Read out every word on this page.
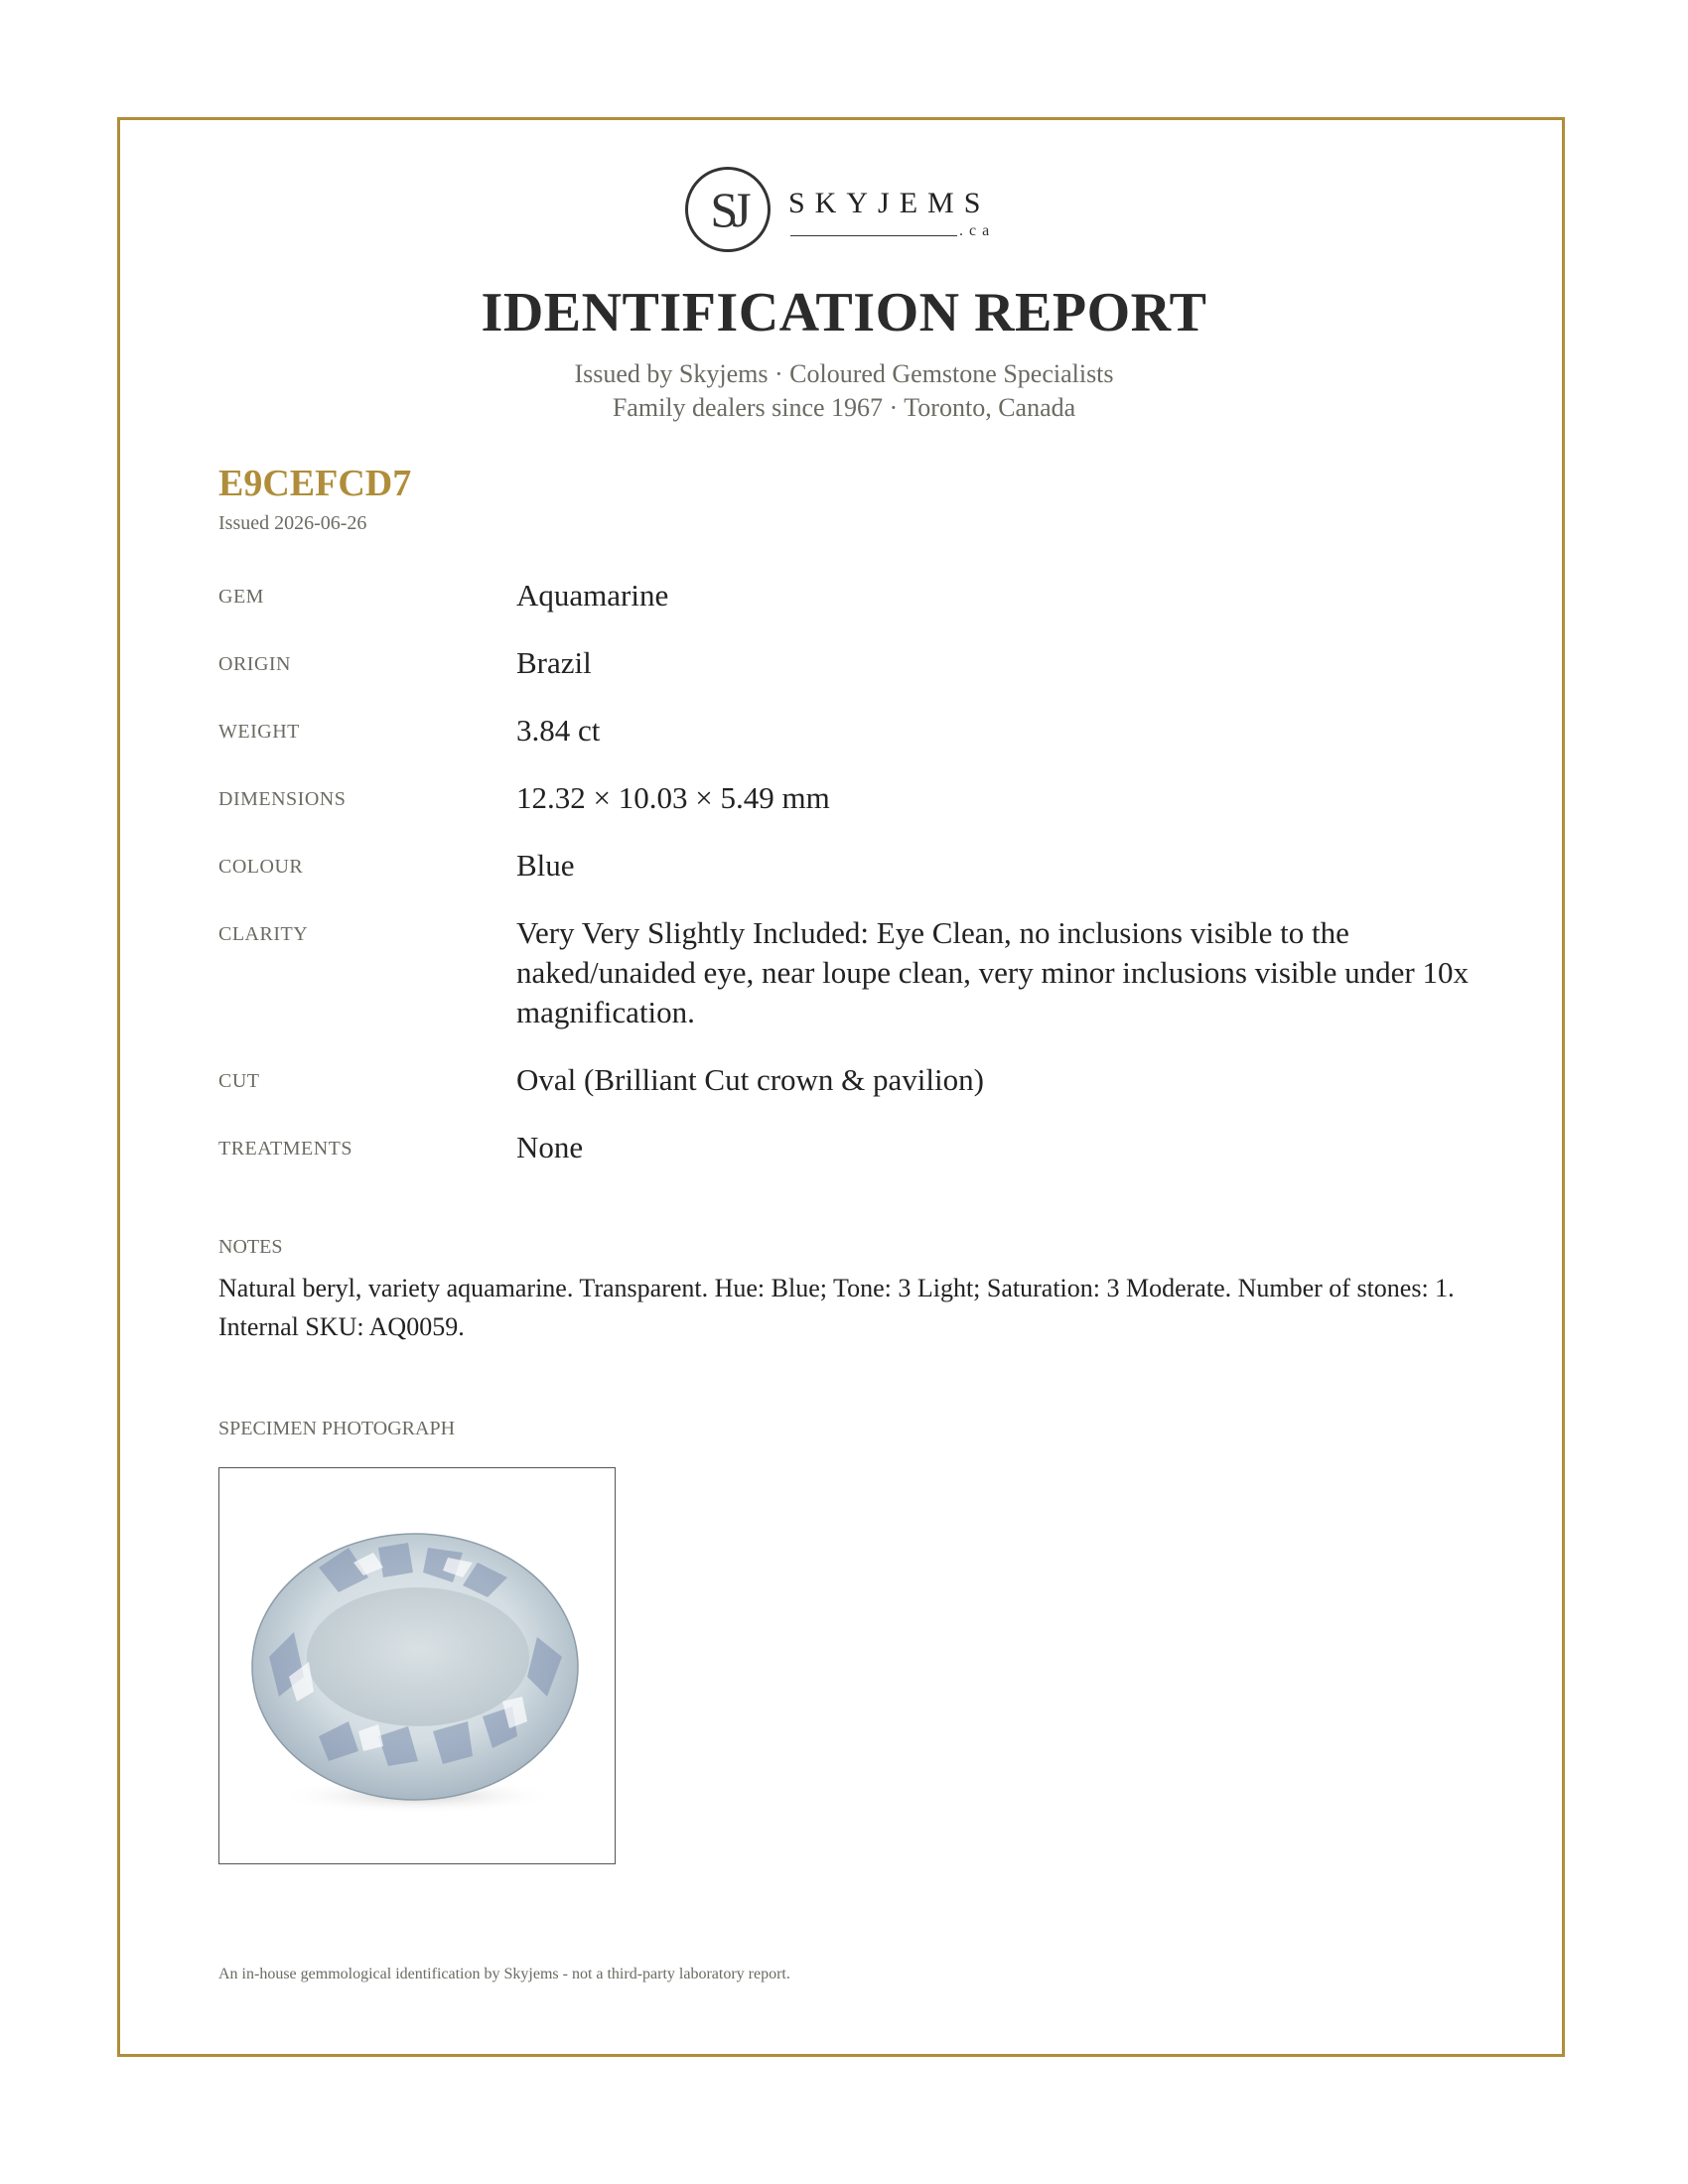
SJ	SKYJEMS
.ca
IDENTIFICATION REPORT
Issued by Skyjems · Coloured Gemstone Specialists
Family dealers since 1967 · Toronto, Canada
E9CEFCD7
Issued 2026-06-26
GEM	Aquamarine
ORIGIN	Brazil
WEIGHT	3.84 ct
DIMENSIONS	12.32 × 10.03 × 5.49 mm
COLOUR	Blue
CLARITY	Very Very Slightly Included: Eye Clean, no inclusions visible to the naked/unaided eye, near loupe clean, very minor inclusions visible under 10x magnification.
CUT	Oval (Brilliant Cut crown & pavilion)
TREATMENTS	None
NOTES
Natural beryl, variety aquamarine. Transparent. Hue: Blue; Tone: 3 Light; Saturation: 3 Moderate. Number of stones: 1. Internal SKU: AQ0059.
SPECIMEN PHOTOGRAPH
An in-house gemmological identification by Skyjems - not a third-party laboratory report.
